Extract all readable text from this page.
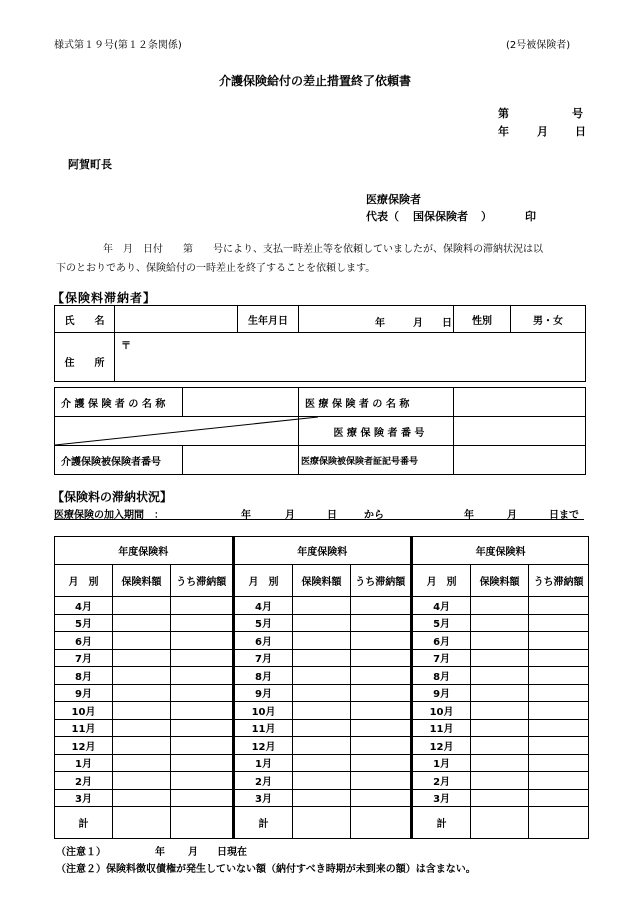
様式第１９号(第１２条関係)	(2号被保険者)
介護保険給付の差止措置終了依頼書
第	号
年	月 日
阿賀町長
医療保険者
代表（ 国保保険者 ）	印
年　月　日付　　第　　号により、支払一時差止等を依頼していましたが、保険料の滞納状況は以
下のとおりであり、保険給付の一時差止を終了することを依頼します。
【保険料滞納者】
氏　　名			生年月日	年 月 日	性別	男・女
住　　所	〒					

介 護 保 険 者 の 名 称				医 療 保 険 者 の 名 称		

	医 療 保 険 者 番 号		
介護保険被保険者番号				医療保険被保険者証記号番号		
【保険料の滞納状況】
医療保険の加入期間　：	年	月	日	から	年	月	日まで
年度保険料				年度保険料				年度保険料		
月　別	保険料額	うち滞納額		月　別	保険料額	うち滞納額		月　別	保険料額	うち滞納額
4月				4月				4月		
5月				5月				5月		
6月				6月				6月		
7月				7月				7月		
8月				8月				8月		
9月				9月				9月		
10月				10月				10月		
11月				11月				11月		
12月				12月				12月		
1月				1月				1月		
2月				2月				2月		
3月				3月				3月		
計				計				計		
（注意１）	年 月 日現在
（注意２）保険料徴収債権が発生していない額（納付すべき時期が未到来の額）は含まない。
